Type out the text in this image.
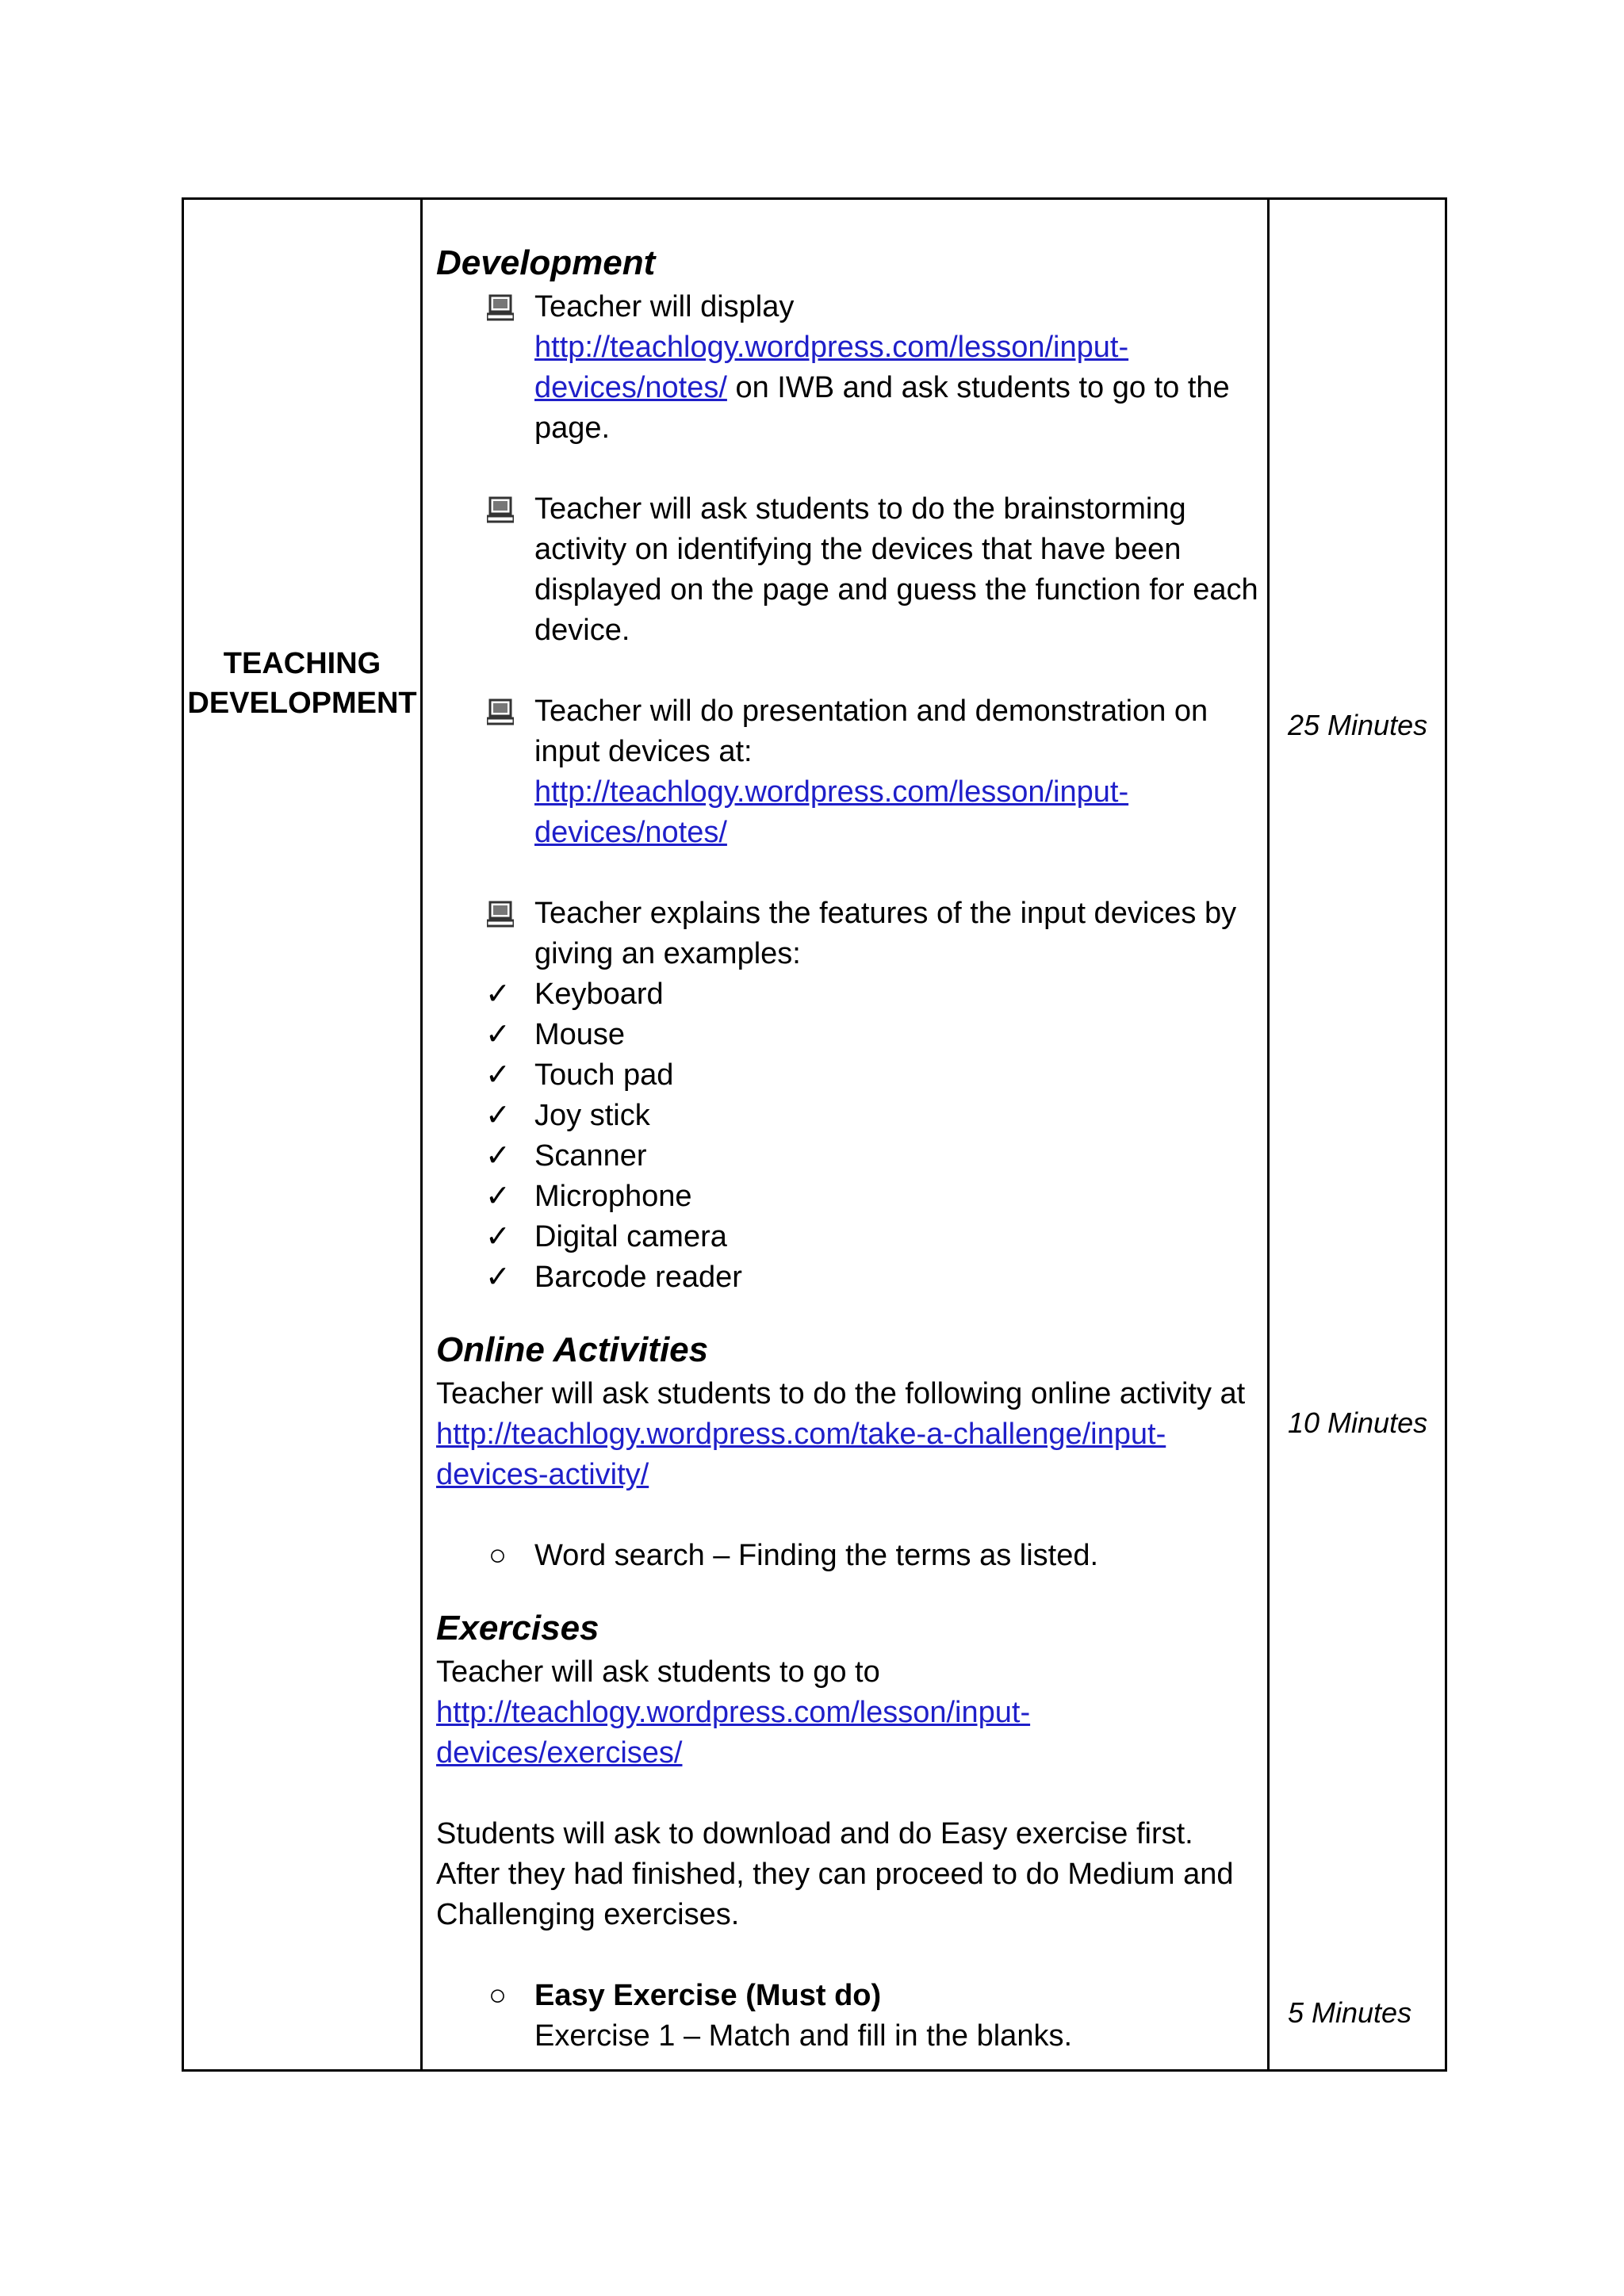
TEACHING
DEVELOPMENT

Development

Teacher will display
http://teachlogy.wordpress.com/lesson/input-
devices/notes/ on IWB and ask students to go to the page.
Teacher will ask students to do the brainstorming activity on identifying the devices that have been displayed on the page and guess the function for each device.
Teacher will do presentation and demonstration on input devices at:
http://teachlogy.wordpress.com/lesson/input-
devices/notes/
Teacher explains the features of the input devices by giving an examples:
✓ Keyboard
✓ Mouse
✓ Touch pad
✓ Joy stick
✓ Scanner
✓ Microphone
✓ Digital camera
✓ Barcode reader

Online Activities

Teacher will ask students to do the following online activity at http://teachlogy.wordpress.com/take-a-challenge/input-
devices-activity/
○ Word search – Finding the terms as listed.

Exercises

Teacher will ask students to go to
http://teachlogy.wordpress.com/lesson/input-
devices/exercises/

Students will ask to download and do Easy exercise first. After they had finished, they can proceed to do Medium and Challenging exercises.

○ Easy Exercise (Must do)
Exercise 1 – Match and fill in the blanks.
25 Minutes
10 Minutes
5 Minutes
